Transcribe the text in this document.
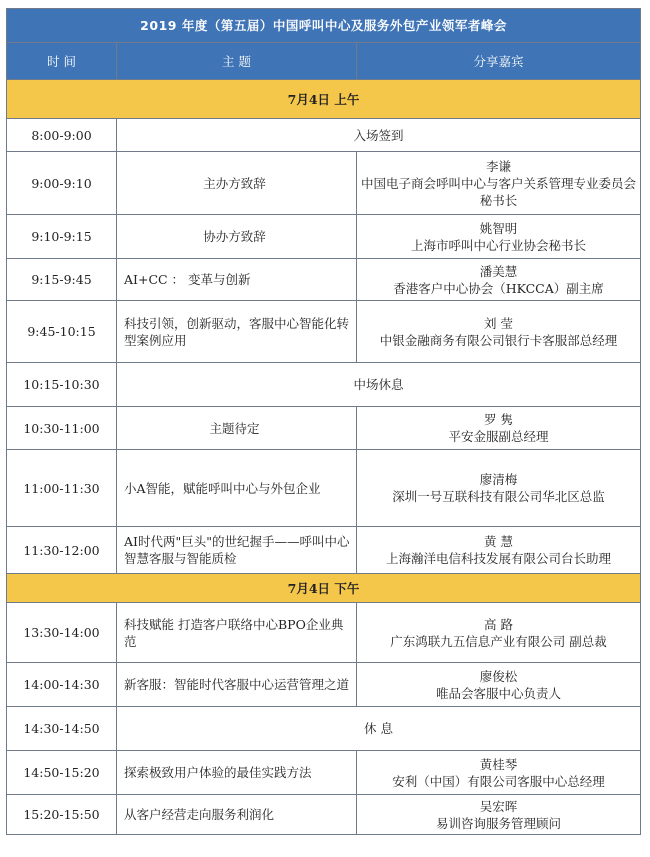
2019 年度（第五届）中国呼叫中心及服务外包产业领军者峰会		
时 间	主 题	分享嘉宾
7月4日 上午		
8:00-9:00	入场签到	
9:00-9:10	主办方致辞	李谦
中国电子商会呼叫中心与客户关系管理专业委员会秘书长

9:10-9:15	协办方致辞	姚智明
上海市呼叫中心行业协会秘书长

9:15-9:45	AI+CC ： 变革与创新	潘美慧
香港客户中心协会（HKCCA）副主席

9:45-10:15	科技引领，创新驱动，客服中心智能化转型案例应用	刘 莹
中银金融商务有限公司银行卡客服部总经理

10:15-10:30	中场休息	
10:30-11:00	主题待定	罗 隽
平安金服副总经理

11:00-11:30	小A智能，赋能呼叫中心与外包企业	廖清梅
深圳一号互联科技有限公司华北区总监

11:30-12:00	AI时代两"巨头"的世纪握手——呼叫中心智慧客服与智能质检	黄 慧
上海瀚洋电信科技发展有限公司台长助理

7月4日 下午		
13:30-14:00	科技赋能 打造客户联络中心BPO企业典范	高 路
广东鸿联九五信息产业有限公司 副总裁

14:00-14:30	新客服：智能时代客服中心运营管理之道	廖俊松
唯品会客服中心负责人

14:30-14:50	休 息	
14:50-15:20	探索极致用户体验的最佳实践方法	黄桂琴
安利（中国）有限公司客服中心总经理

15:20-15:50	从客户经营走向服务利润化	吴宏晖
易训咨询服务管理顾问
